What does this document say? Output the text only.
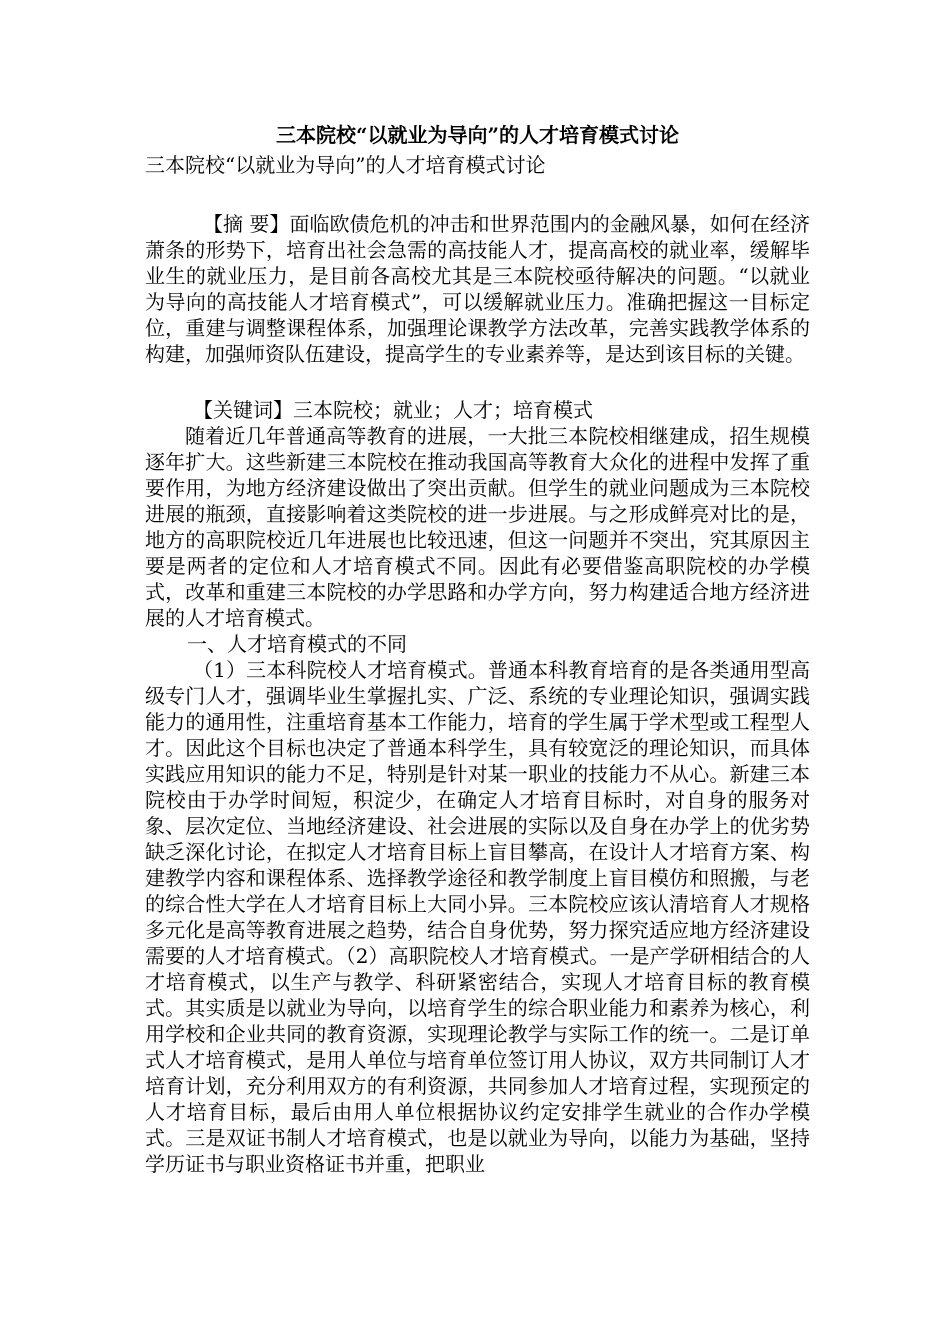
三本院校“以就业为导向”的人才培育模式讨论

三本院校“以就业为导向”的人才培育模式讨论

【摘 要】面临欧债危机的冲击和世界范围内的金融风暴，如何在经济萧条的形势下，培育出社会急需的高技能人才，提高高校的就业率，缓解毕业生的就业压力，是目前各高校尤其是三本院校亟待解决的问题。“以就业为导向的高技能人才培育模式”，可以缓解就业压力。准确把握这一目标定位，重建与调整课程体系，加强理论课教学方法改革，完善实践教学体系的构建，加强师资队伍建设，提高学生的专业素养等，是达到该目标的关键。

【关键词】三本院校；就业；人才；培育模式

随着近几年普通高等教育的进展，一大批三本院校相继建成，招生规模逐年扩大。这些新建三本院校在推动我国高等教育大众化的进程中发挥了重要作用，为地方经济建设做出了突出贡献。但学生的就业问题成为三本院校进展的瓶颈，直接影响着这类院校的进一步进展。与之形成鲜亮对比的是，地方的高职院校近几年进展也比较迅速，但这一问题并不突出，究其原因主要是两者的定位和人才培育模式不同。因此有必要借鉴高职院校的办学模式，改革和重建三本院校的办学思路和办学方向，努力构建适合地方经济进展的人才培育模式。

一、人才培育模式的不同

（1）三本科院校人才培育模式。普通本科教育培育的是各类通用型高级专门人才，强调毕业生掌握扎实、广泛、系统的专业理论知识，强调实践能力的通用性，注重培育基本工作能力，培育的学生属于学术型或工程型人才。因此这个目标也决定了普通本科学生，具有较宽泛的理论知识，而具体实践应用知识的能力不足，特别是针对某一职业的技能力不从心。新建三本院校由于办学时间短，积淀少，在确定人才培育目标时，对自身的服务对象、层次定位、当地经济建设、社会进展的实际以及自身在办学上的优劣势缺乏深化讨论，在拟定人才培育目标上盲目攀高，在设计人才培育方案、构建教学内容和课程体系、选择教学途径和教学制度上盲目模仿和照搬，与老的综合性大学在人才培育目标上大同小异。三本院校应该认清培育人才规格多元化是高等教育进展之趋势，结合自身优势，努力探究适应地方经济建设需要的人才培育模式。（2）高职院校人才培育模式。一是产学研相结合的人才培育模式，以生产与教学、科研紧密结合，实现人才培育目标的教育模式。其实质是以就业为导向，以培育学生的综合职业能力和素养为核心，利用学校和企业共同的教育资源，实现理论教学与实际工作的统一。二是订单式人才培育模式，是用人单位与培育单位签订用人协议，双方共同制订人才培育计划，充分利用双方的有利资源，共同参加人才培育过程，实现预定的人才培育目标，最后由用人单位根据协议约定安排学生就业的合作办学模式。三是双证书制人才培育模式，也是以就业为导向，以能力为基础，坚持学历证书与职业资格证书并重，把职业
